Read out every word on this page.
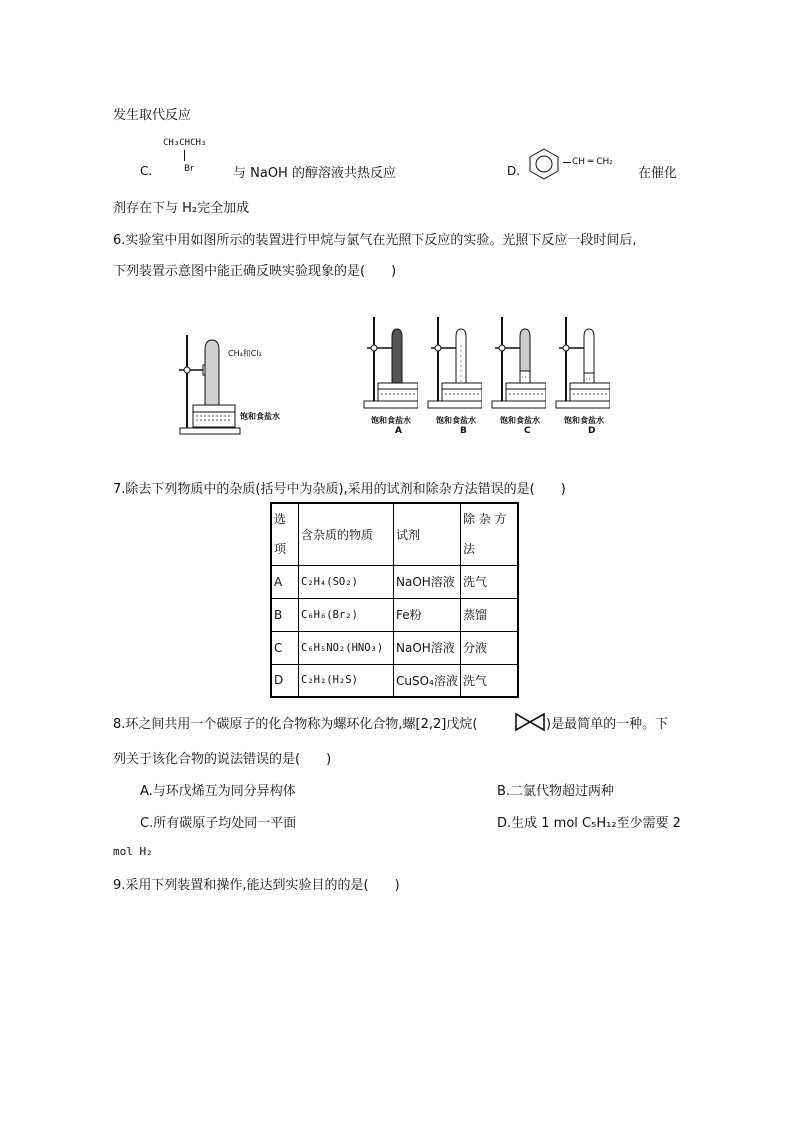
发生取代反应
CH₃CHCH₃
Br
C.	与 NaOH 的醇溶液共热反应	D.
CH ═ CH₂
在催化
剂存在下与 H₂完全加成
6.实验室中用如图所示的装置进行甲烷与氯气在光照下反应的实验。光照下反应一段时间后,
下列装置示意图中能正确反映实验现象的是(　　)
CH₄和Cl₂
饱和食盐水	饱和食盐水	饱和食盐水	饱和食盐水	饱和食盐水
A	B	C	D
7.除去下列物质中的杂质(括号中为杂质),采用的试剂和除杂方法错误的是(　　)
选
项	含杂质的物质	试剂	除 杂 方
法
A	C₂H₄(SO₂)	NaOH溶液	洗气
B	C₆H₆(Br₂)	Fe粉	蒸馏
C	C₆H₅NO₂(HNO₃)	NaOH溶液	分液
D	C₂H₂(H₂S)	CuSO₄溶液	洗气
8.环之间共用一个碳原子的化合物称为螺环化合物,螺[2,2]戊烷(	)是最简单的一种。下
列关于该化合物的说法错误的是(　　)
A.与环戊烯互为同分异构体	B.二氯代物超过两种
C.所有碳原子均处同一平面	D.生成 1 mol C₅H₁₂至少需要 2
mol H₂
9.采用下列装置和操作,能达到实验目的的是(　　)
